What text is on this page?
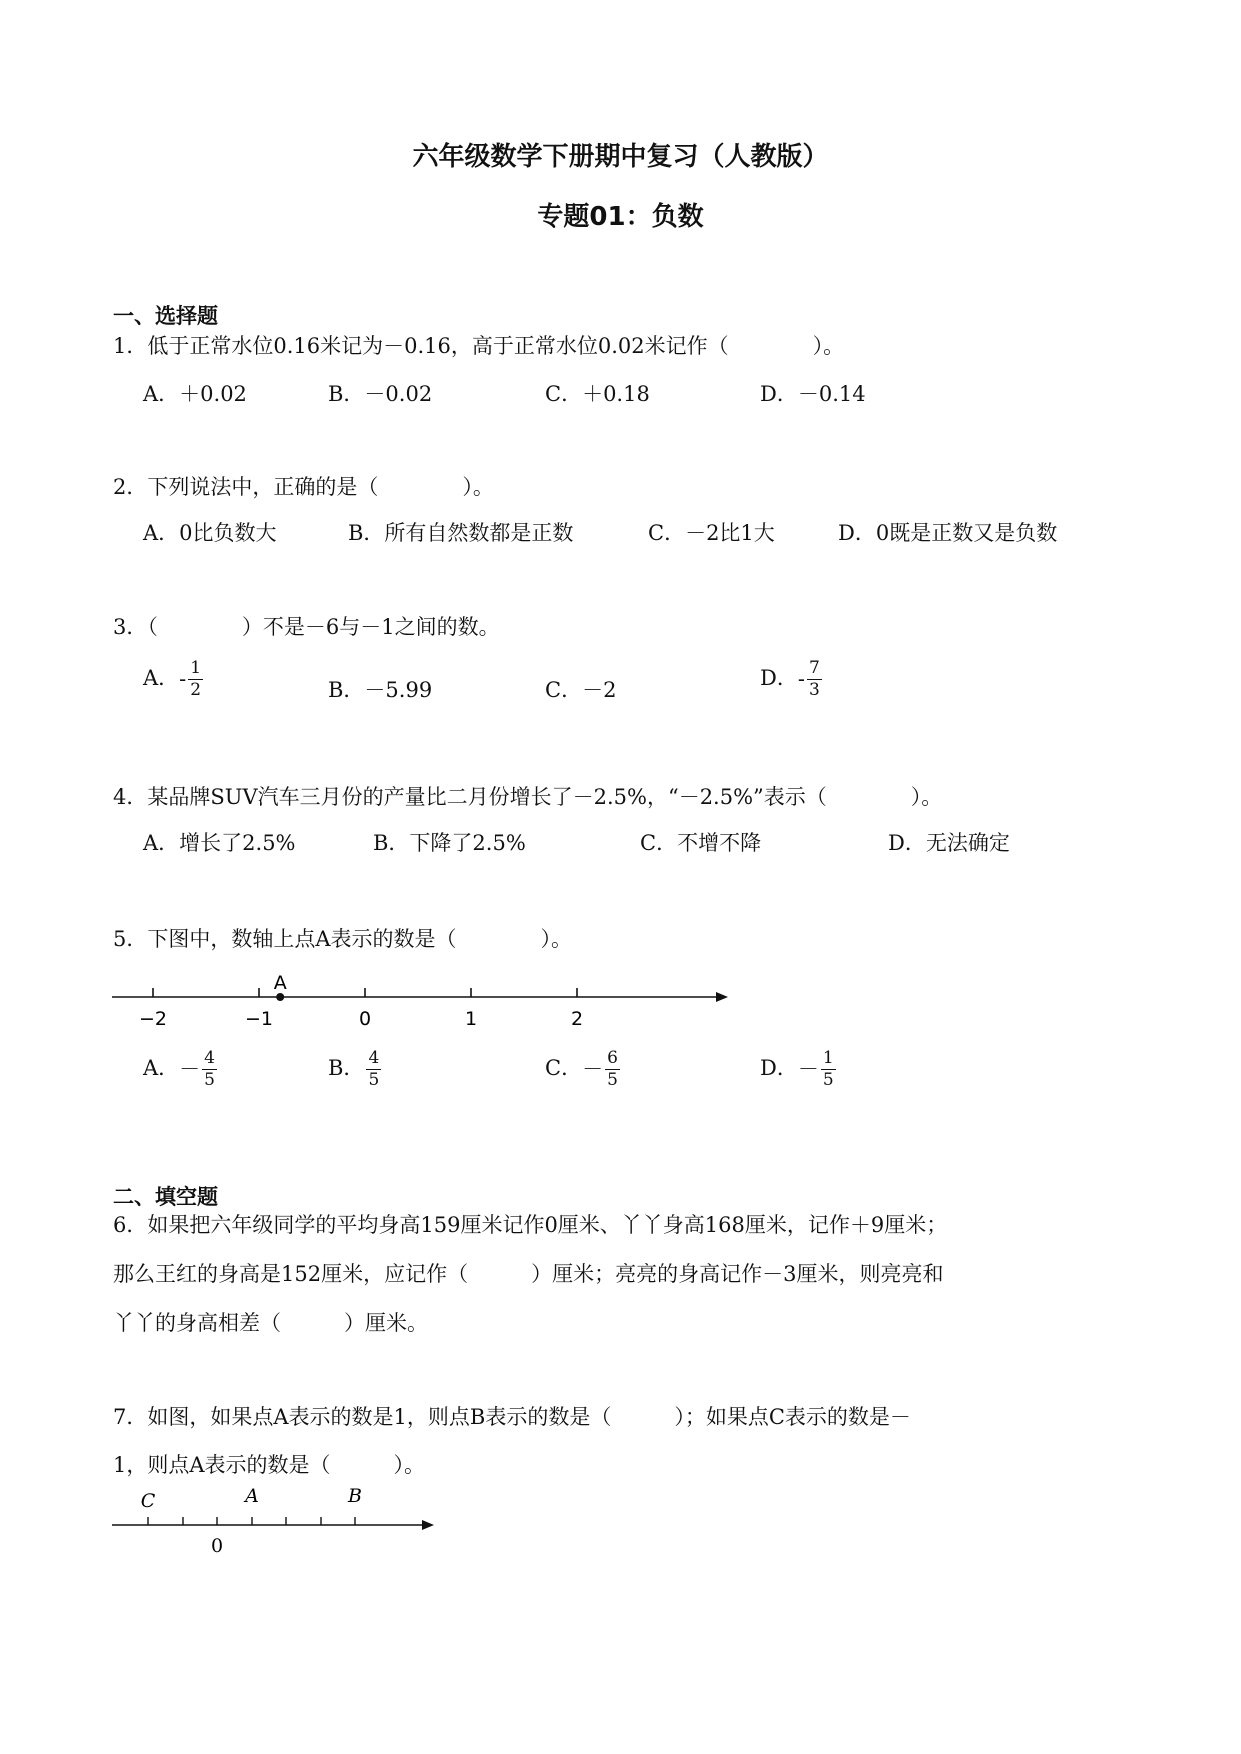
六年级数学下册期中复习（人教版）
专题01：负数
一、选择题
1．低于正常水位0.16米记为－0.16，高于正常水位0.02米记作（　　　　）。
A．＋0.02	B．－0.02	C．＋0.18	D．－0.14
2．下列说法中，正确的是（　　　　）。
A．0比负数大	B．所有自然数都是正数	C．－2比1大	D．0既是正数又是负数
3．（　　　　）不是－6与－1之间的数。
A．- $\frac{1}{2}$	B．－5.99	C．－2	D．- $\frac{7}{3}$
4．某品牌SUV汽车三月份的产量比二月份增长了－2.5%，“－2.5%”表示（　　　　）。
A．增长了2.5%	B．下降了2.5%	C．不增不降	D．无法确定
5．下图中，数轴上点A表示的数是（　　　　）。
−2	−1	0	1	2
A
A．－ $\frac{4}{5}$	B． $\frac{4}{5}$	C．－ $\frac{6}{5}$	D．－ $\frac{1}{5}$
二、填空题
6．如果把六年级同学的平均身高159厘米记作0厘米、丫丫身高168厘米，记作＋9厘米；
那么王红的身高是152厘米，应记作（　　　）厘米；亮亮的身高记作－3厘米，则亮亮和
丫丫的身高相差（　　　）厘米。
7．如图，如果点A表示的数是1，则点B表示的数是（　　　）；如果点C表示的数是－
1，则点A表示的数是（　　　）。
C	A	B
0
